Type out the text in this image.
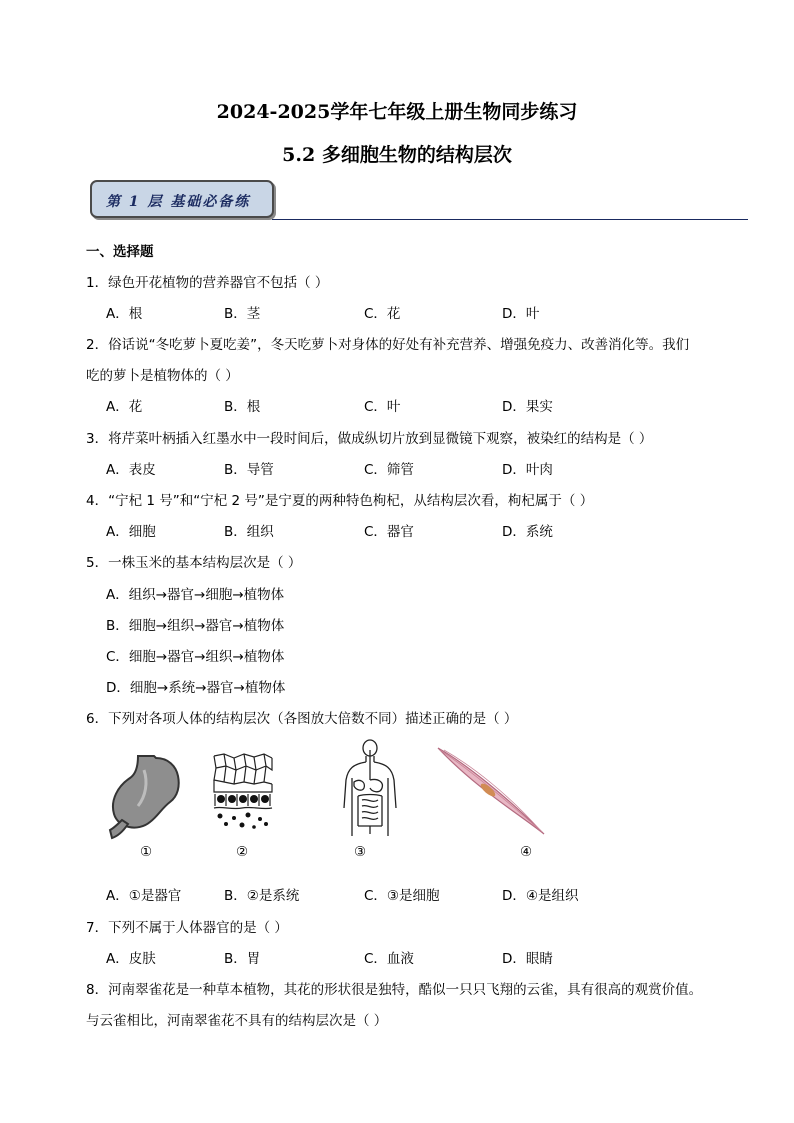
2024-2025学年七年级上册生物同步练习
5.2 多细胞生物的结构层次
第 1 层 基础必备练
一、选择题
1．绿色开花植物的营养器官不包括（ ）
A．根	B．茎	C．花	D．叶
2．俗话说“冬吃萝卜夏吃姜”，冬天吃萝卜对身体的好处有补充营养、增强免疫力、改善消化等。我们
吃的萝卜是植物体的（ ）
A．花	B．根	C．叶	D．果实
3．将芹菜叶柄插入红墨水中一段时间后，做成纵切片放到显微镜下观察，被染红的结构是（ ）
A．表皮	B．导管	C．筛管	D．叶肉
4．“宁杞 1 号”和“宁杞 2 号”是宁夏的两种特色枸杞，从结构层次看，枸杞属于（ ）
A．细胞	B．组织	C．器官	D．系统
5．一株玉米的基本结构层次是（ ）
A．组织→器官→细胞→植物体
B．细胞→组织→器官→植物体
C．细胞→器官→组织→植物体
D．细胞→系统→器官→植物体
6．下列对各项人体的结构层次（各图放大倍数不同）描述正确的是（ ）
①	②	③	④
A．①是器官	B．②是系统	C．③是细胞	D．④是组织
7．下列不属于人体器官的是（ ）
A．皮肤	B．胃	C．血液	D．眼睛
8．河南翠雀花是一种草本植物，其花的形状很是独特，酷似一只只飞翔的云雀，具有很高的观赏价值。
与云雀相比，河南翠雀花不具有的结构层次是（ ）
